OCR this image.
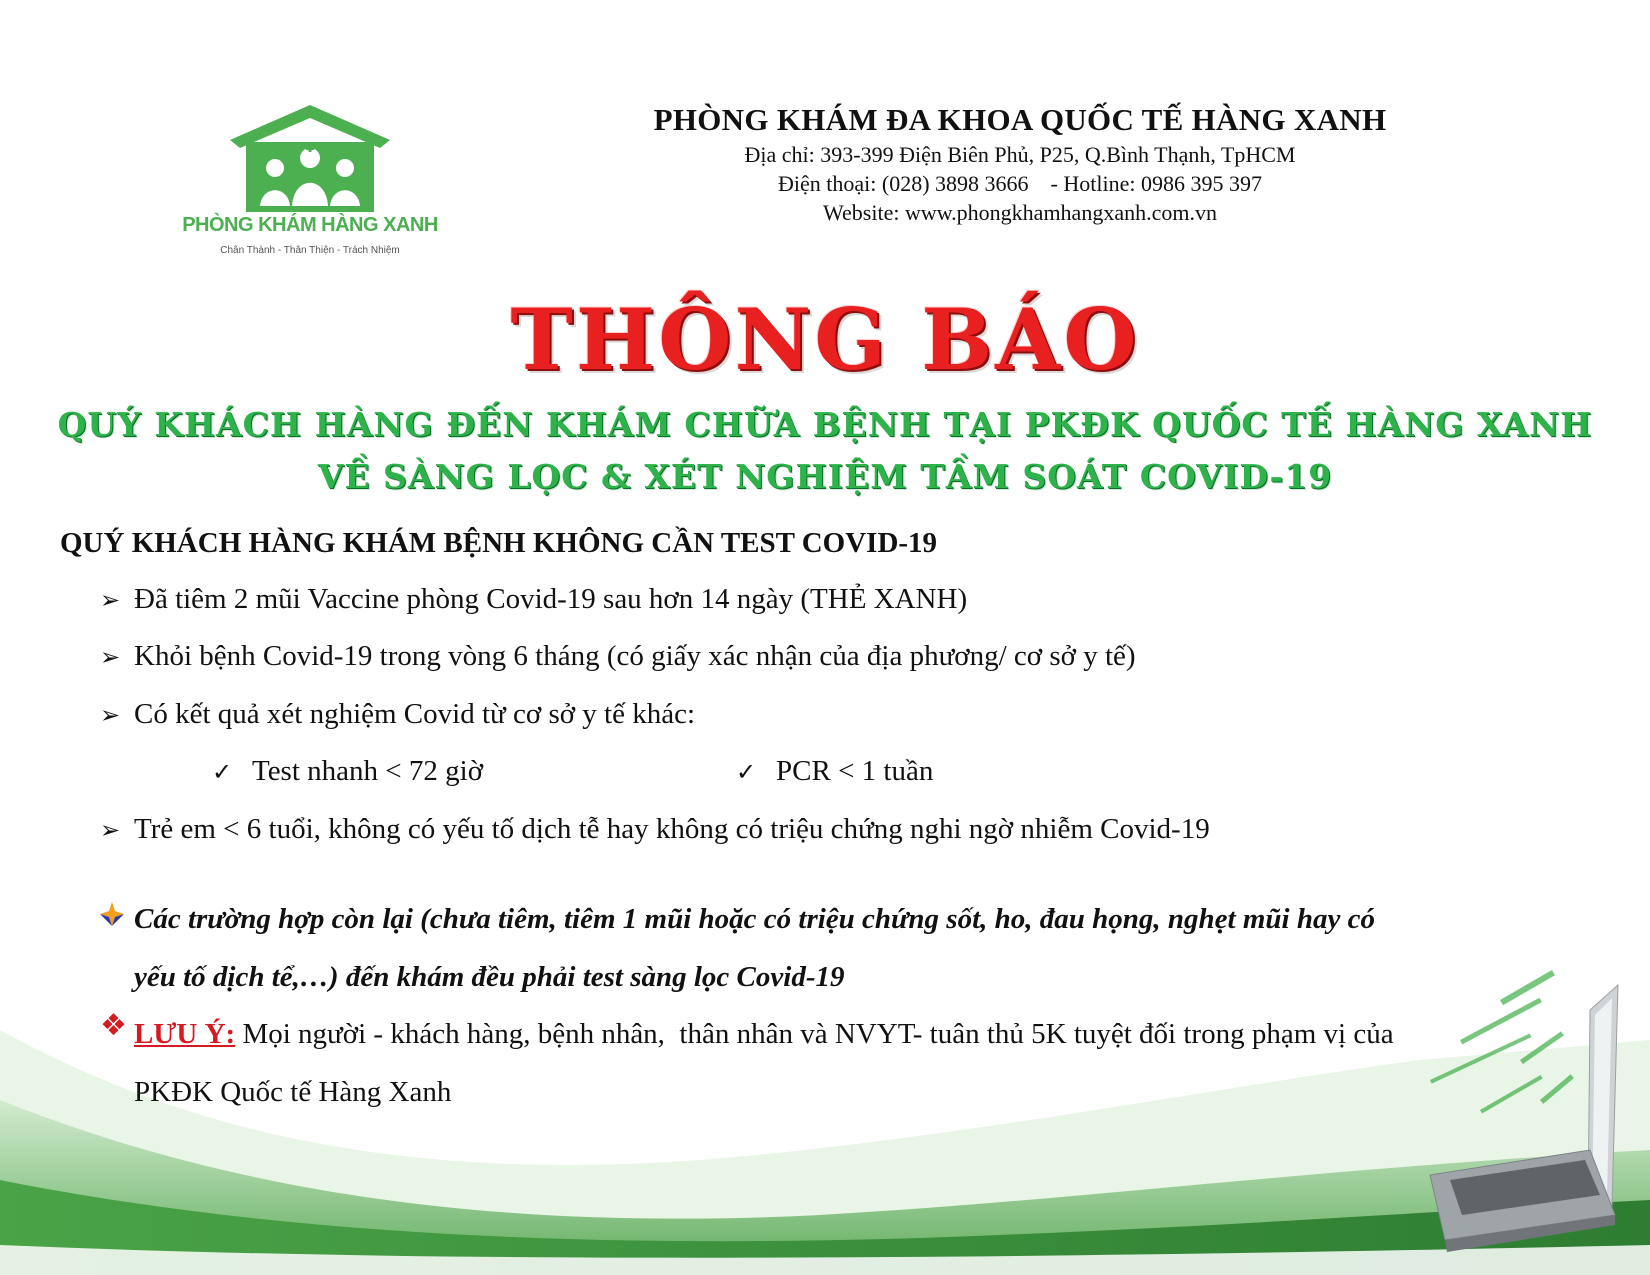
PHÒNG KHÁM HÀNG XANH
Chân Thành - Thân Thiện - Trách Nhiệm
PHÒNG KHÁM ĐA KHOA QUỐC TẾ HÀNG XANH
Địa chỉ: 393-399 Điện Biên Phủ, P25, Q.Bình Thạnh, TpHCM
Điện thoại: (028) 3898 3666    - Hotline: 0986 395 397
Website: www.phongkhamhangxanh.com.vn
THÔNG BÁO
QUÝ KHÁCH HÀNG ĐẾN KHÁM CHỮA BỆNH TẠI PKĐK QUỐC TẾ HÀNG XANH
VỀ SÀNG LỌC & XÉT NGHIỆM TẦM SOÁT COVID-19
QUÝ KHÁCH HÀNG KHÁM BỆNH KHÔNG CẦN TEST COVID-19
➢ Đã tiêm 2 mũi Vaccine phòng Covid-19 sau hơn 14 ngày (THẺ XANH)
➢ Khỏi bệnh Covid-19 trong vòng 6 tháng (có giấy xác nhận của địa phương/ cơ sở y tế)
➢ Có kết quả xét nghiệm Covid từ cơ sở y tế khác:
✓ Test nhanh < 72 giờ	✓ PCR < 1 tuần
➢ Trẻ em < 6 tuổi, không có yếu tố dịch tễ hay không có triệu chứng nghi ngờ nhiễm Covid-19
Các trường hợp còn lại (chưa tiêm, tiêm 1 mũi hoặc có triệu chứng sốt, ho, đau họng, nghẹt mũi hay có
yếu tố dịch tể,…) đến khám đều phải test sàng lọc Covid-19
❖ LƯU Ý: Mọi người - khách hàng, bệnh nhân,  thân nhân và NVYT- tuân thủ 5K tuyệt đối trong phạm vị của
PKĐK Quốc tế Hàng Xanh
